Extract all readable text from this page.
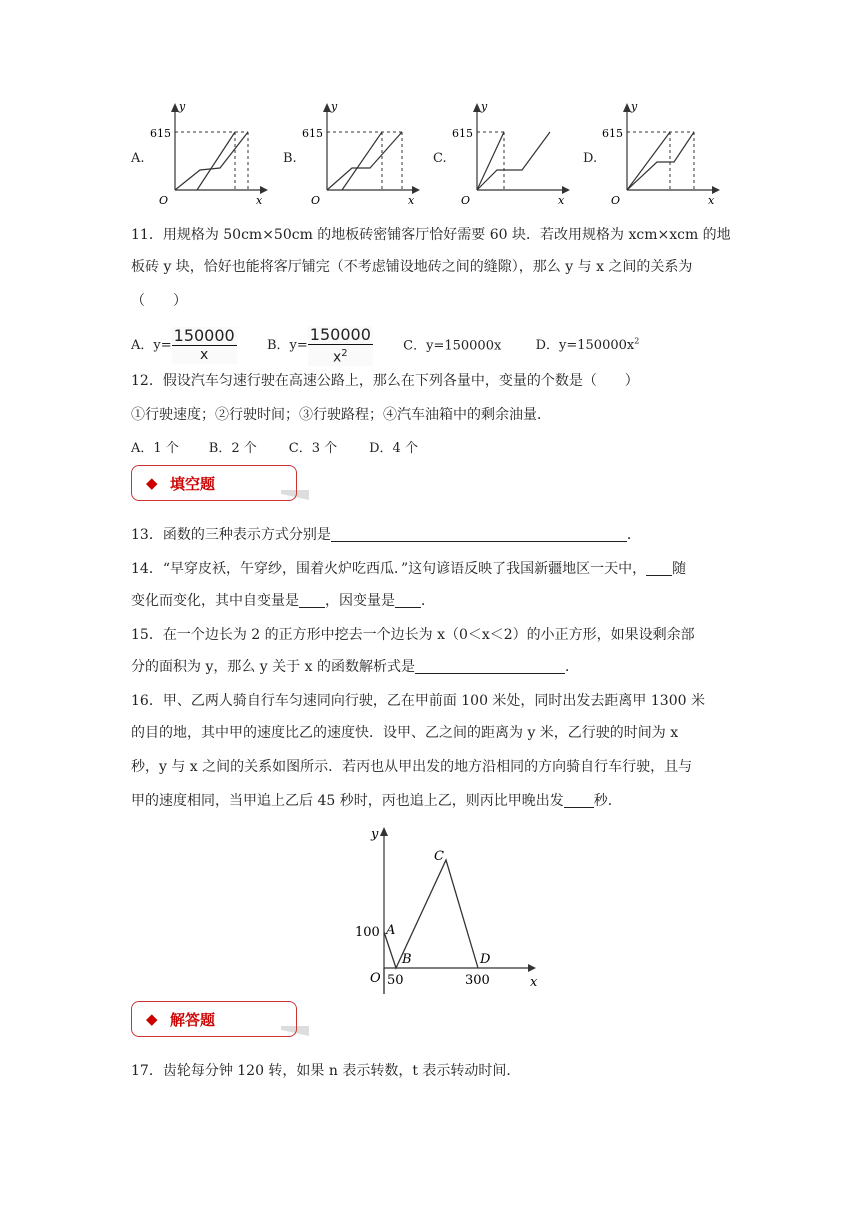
A.
y
x
O
615
B.
y
x
O
615
C.
y
x
O
615
D.
y
x
O
615
11．用规格为 50cm×50cm 的地板砖密铺客厅恰好需要 60 块．若改用规格为 xcm×xcm 的地
板砖 y 块，恰好也能将客厅铺完（不考虑铺设地砖之间的缝隙），那么 y 与 x 之间的关系为
（　　）
A．$y= \frac{150000}{x}$ B．$y= \frac{150000}{x^2}$ C．y=150000x	D．$y=150000x^2$
12．假设汽车匀速行驶在高速公路上，那么在下列各量中，变量的个数是（　　）
①行驶速度；②行驶时间；③行驶路程；④汽车油箱中的剩余油量．
A．1 个 B．2 个 C．3 个 D．4 个
◆ 填空题
13．函数的三种表示方式分别是	．
14．“早穿皮袄，午穿纱，围着火炉吃西瓜．”这句谚语反映了我国新疆地区一天中， 随
变化而变化，其中自变量是 ，因变量是 ．
15．在一个边长为 2 的正方形中挖去一个边长为 x（0＜x＜2）的小正方形，如果设剩余部
分的面积为 y，那么 y 关于 x 的函数解析式是	．
16．甲、乙两人骑自行车匀速同向行驶，乙在甲前面 100 米处，同时出发去距离甲 1300 米
的目的地，其中甲的速度比乙的速度快．设甲、乙之间的距离为 y 米，乙行驶的时间为 x
秒，y 与 x 之间的关系如图所示．若丙也从甲出发的地方沿相同的方向骑自行车行驶，且与
甲的速度相同，当甲追上乙后 45 秒时，丙也追上乙，则丙比甲晚出发 秒．
y
x
O
100
50	300
A
B
C
D
◆ 解答题
17．齿轮每分钟 120 转，如果 n 表示转数，t 表示转动时间．
